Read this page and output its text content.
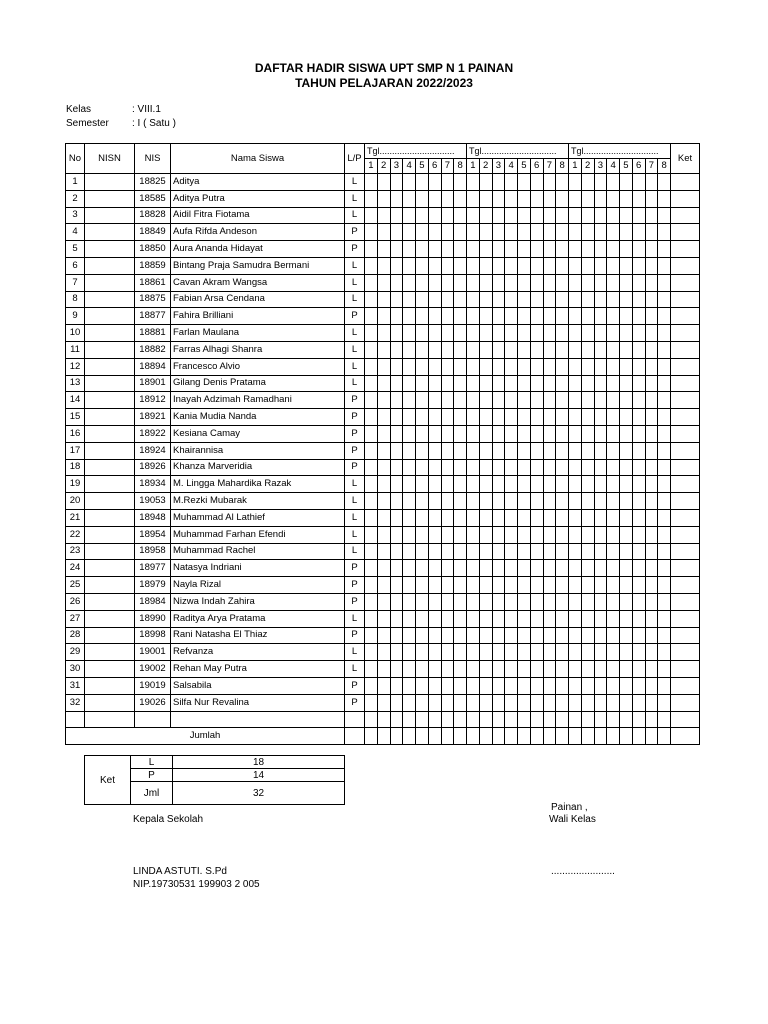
DAFTAR HADIR SISWA UPT SMP N 1 PAINAN
TAHUN PELAJARAN 2022/2023
Kelas	: VIII.1
Semester : I ( Satu )
No	NISN	NIS	Nama Siswa	L/P	Tgl..............................								Tgl..............................								Tgl..............................								Ket
					1	2	3	4	5	6	7	8	1	2	3	4	5	6	7	8	1	2	3	4	5	6	7	8	
1		18825	Aditya	L																									
2		18585	Aditya Putra	L																									
3		18828	Aidil Fitra Fiotama	L																									
4		18849	Aufa Rifda Andeson	P																									
5		18850	Aura Ananda Hidayat	P																									
6		18859	Bintang Praja Samudra Bermani	L																									
7		18861	Cavan Akram Wangsa	L																									
8		18875	Fabian Arsa Cendana	L																									
9		18877	Fahira Brilliani	P																									
10		18881	Farlan Maulana	L																									
11		18882	Farras Alhagi Shanra	L																									
12		18894	Francesco Alvio	L																									
13		18901	Gilang Denis Pratama	L																									
14		18912	Inayah Adzimah Ramadhani	P																									
15		18921	Kania Mudia Nanda	P																									
16		18922	Kesiana Camay	P																									
17		18924	Khairannisa	P																									
18		18926	Khanza Marveridia	P																									
19		18934	M. Lingga Mahardika Razak	L																									
20		19053	M.Rezki Mubarak	L																									
21		18948	Muhammad Al Lathief	L																									
22		18954	Muhammad Farhan Efendi	L																									
23		18958	Muhammad Rachel	L																									
24		18977	Natasya Indriani	P																									
25		18979	Nayla Rizal	P																									
26		18984	Nizwa Indah Zahira	P																									
27		18990	Raditya Arya Pratama	L																									
28		18998	Rani Natasha El Thiaz	P																									
29		19001	Refvanza	L																									
30		19002	Rehan May Putra	L																									
31		19019	Salsabila	P																									
32		19026	Silfa Nur Revalina	P																									

Jumlah																													
Ket	L	18
	P	14
	Jml	32
Painan ,
Wali Kelas
Kepala Sekolah
LINDA ASTUTI. S.Pd
NIP.19730531 199903 2 005
.......................
